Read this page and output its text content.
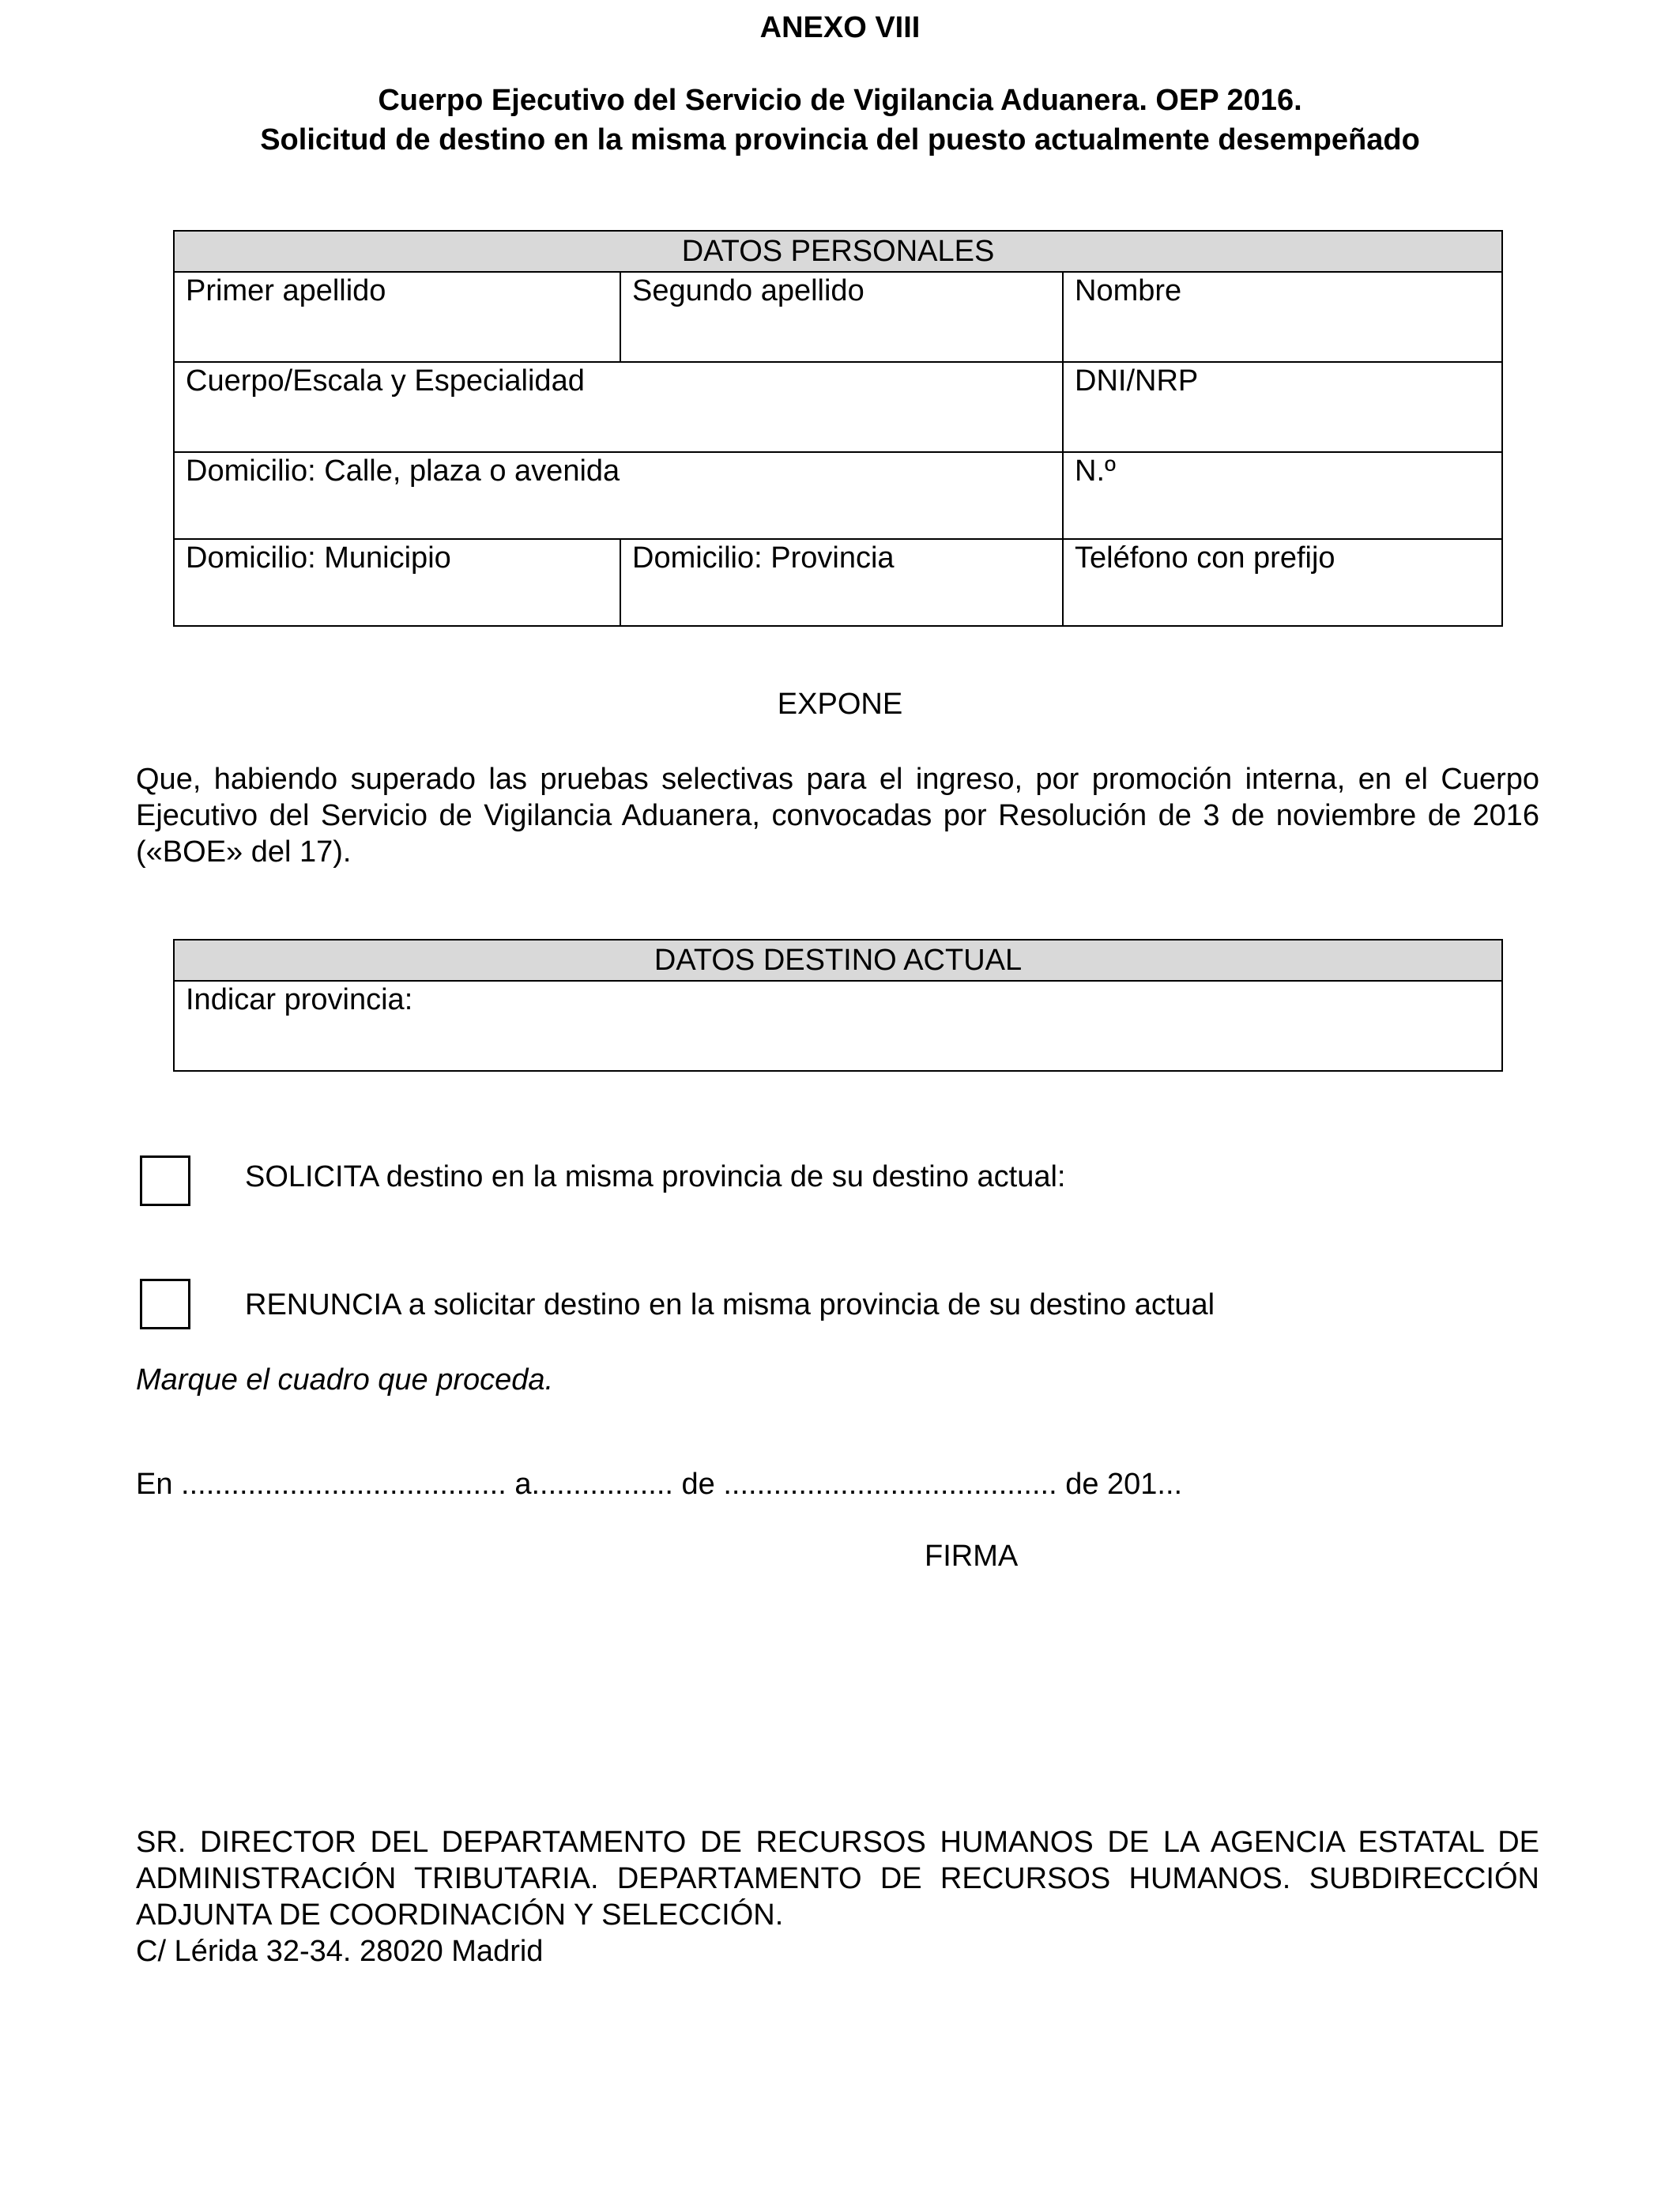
ANEXO VIII
Cuerpo Ejecutivo del Servicio de Vigilancia Aduanera. OEP 2016.
Solicitud de destino en la misma provincia del puesto actualmente desempeñado
DATOS PERSONALES		
Primer apellido	Segundo apellido	Nombre
Cuerpo/Escala y Especialidad		DNI/NRP
Domicilio: Calle, plaza o avenida		N.º
Domicilio: Municipio	Domicilio: Provincia	Teléfono con prefijo
EXPONE
Que, habiendo superado las pruebas selectivas para el ingreso, por promoción interna, en el Cuerpo Ejecutivo del Servicio de Vigilancia Aduanera, convocadas por Resolución de 3 de noviembre de 2016 («BOE» del 17).
DATOS DESTINO ACTUAL
Indicar provincia:
SOLICITA destino en la misma provincia de su destino actual:
RENUNCIA a solicitar destino en la misma provincia de su destino actual
Marque el cuadro que proceda.
En ....................................... a................. de ........................................ de 201...
FIRMA
SR. DIRECTOR DEL DEPARTAMENTO DE RECURSOS HUMANOS DE LA AGENCIA ESTATAL DE ADMINISTRACIÓN TRIBUTARIA. DEPARTAMENTO DE RECURSOS HUMANOS. SUBDIRECCIÓN ADJUNTA DE COORDINACIÓN Y SELECCIÓN.
C/ Lérida 32-34. 28020 Madrid
